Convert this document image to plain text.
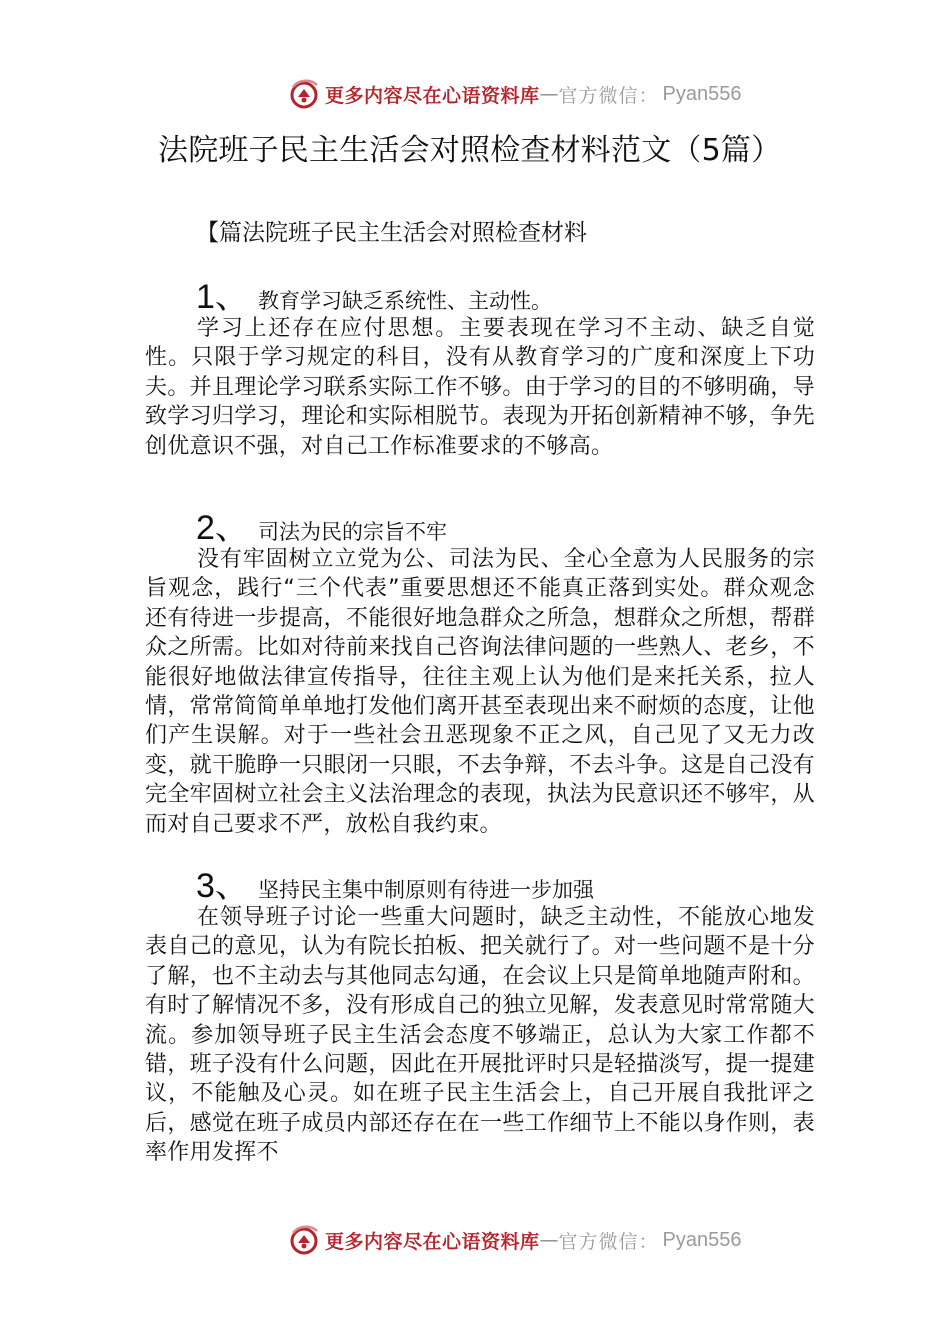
更多内容尽在心语资料库 — 官方微信： Pyan556
法院班子民主生活会对照检查材料范文（5篇）
【篇法院班子民主生活会对照检查材料
1、 教育学习缺乏系统性、主动性。

学习上还存在应付思想。主要表现在学习不主动、缺乏自觉性。只限于学习规定的科目，没有从教育学习的广度和深度上下功夫。并且理论学习联系实际工作不够。由于学习的目的不够明确，导致学习归学习，理论和实际相脱节。表现为开拓创新精神不够，争先创优意识不强，对自己工作标准要求的不够高。

2、 司法为民的宗旨不牢

没有牢固树立立党为公、司法为民、全心全意为人民服务的宗旨观念，践行“三个代表”重要思想还不能真正落到实处。群众观念还有待进一步提高，不能很好地急群众之所急，想群众之所想，帮群众之所需。比如对待前来找自己咨询法律问题的一些熟人、老乡，不能很好地做法律宣传指导，往往主观上认为他们是来托关系，拉人情，常常简简单单地打发他们离开甚至表现出来不耐烦的态度，让他们产生误解。对于一些社会丑恶现象不正之风，自己见了又无力改变，就干脆睁一只眼闭一只眼，不去争辩，不去斗争。这是自己没有完全牢固树立社会主义法治理念的表现，执法为民意识还不够牢，从而对自己要求不严，放松自我约束。

3、 坚持民主集中制原则有待进一步加强

在领导班子讨论一些重大问题时，缺乏主动性，不能放心地发表自己的意见，认为有院长拍板、把关就行了。对一些问题不是十分了解，也不主动去与其他同志勾通，在会议上只是简单地随声附和。有时了解情况不多，没有形成自己的独立见解，发表意见时常常随大流。参加领导班子民主生活会态度不够端正，总认为大家工作都不错，班子没有什么问题，因此在开展批评时只是轻描淡写，提一提建议，不能触及心灵。如在班子民主生活会上，自己开展自我批评之后，感觉在班子成员内部还存在在一些工作细节上不能以身作则，表率作用发挥不

更多内容尽在心语资料库 — 官方微信： Pyan556
